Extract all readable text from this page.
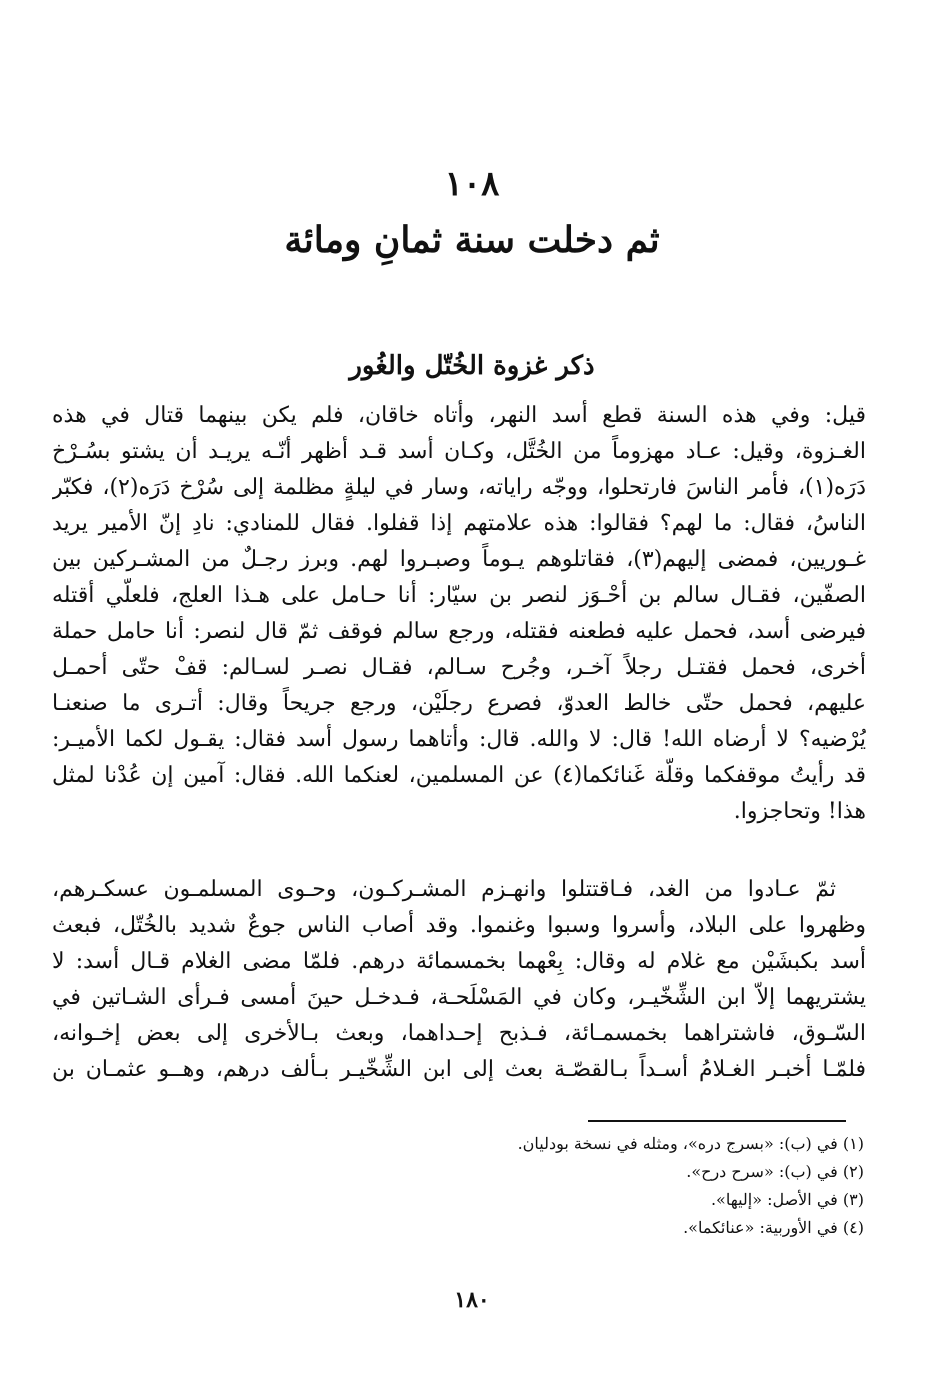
١٠٨
ثم دخلت سنة ثمانِ ومائة
ذكر غزوة الخُتّل والغُور
قيل: وفي هذه السنة قطع أسد النهر، وأتاه خاقان، فلم يكن بينهما قتال في هذه
الغـزوة، وقيل: عـاد مهزوماً من الخُتَّل، وكـان أسد قـد أظهر أنّـه يريـد أن يشتو بسُـرْخ
دَرَه(١)، فأمر الناسَ فارتحلوا، ووجّه راياته، وسار في ليلةٍ مظلمة إلى سُرْخ دَرَه(٢)، فكبّر
الناسُ، فقال: ما لهم؟ فقالوا: هذه علامتهم إذا قفلوا. فقال للمنادي: نادِ إنّ الأمير يريد
غـوريين، فمضى إليهم(٣)، فقاتلوهم يـوماً وصبـروا لهم. وبرز رجـلٌ من المشـركين بين
الصفّين، فقـال سالم بن أحْـوَز لنصر بن سيّار: أنا حـامل على هـذا العلج، فلعلّي أقتله
فيرضى أسد، فحمل عليه فطعنه فقتله، ورجع سالم فوقف ثمّ قال لنصر: أنا حامل حملة
أخرى، فحمل فقتـل رجلاً آخـر، وجُرح سـالم، فقـال نصـر لسـالم: قفْ حتّى أحمـل
عليهم، فحمل حتّى خالط العدوّ، فصرع رجلَيْن، ورجع جريحاً وقال: أتـرى ما صنعنـا
يُرْضيه؟ لا أرضاه الله! قال: لا والله. قال: وأتاهما رسول أسد فقال: يقـول لكما الأميـر:
قد رأيتُ موقفكما وقلّة غَنائكما(٤) عن المسلمين، لعنكما الله. فقال: آمين إن عُدْنا لمثل
هذا! وتحاجزوا.
ثمّ عـادوا من الغد، فـاقتتلوا وانهـزم المشـركـون، وحـوى المسلمـون عسكـرهم،
وظهروا على البلاد، وأسروا وسبوا وغنموا. وقد أصاب الناس جوعٌ شديد بالخُتّل، فبعث
أسد بكبشَيْن مع غلام له وقال: بِعْهما بخمسمائة درهم. فلمّا مضى الغلام قـال أسد: لا
يشتريهما إلاّ ابن الشِّخّيـر، وكان في المَسْلَحـة، فـدخـل حينَ أمسى فـرأى الشـاتين في
السّـوق، فاشتراهما بخمسمـائة، فـذبح إحـداهما، وبعث بـالأخرى إلى بعض إخـوانه،
فلمّـا أخبـر الغـلامُ أسـداً بـالقصّـة بعث إلى ابن الشِّخّيـر بـألف درهم، وهــو عثمـان بن
(١) في (ب): «بسرج دره»، ومثله في نسخة بودليان.
(٢) في (ب): «سرح درح».
(٣) في الأصل: «إليها».
(٤) في الأوربية: «عنائكما».
١٨٠
